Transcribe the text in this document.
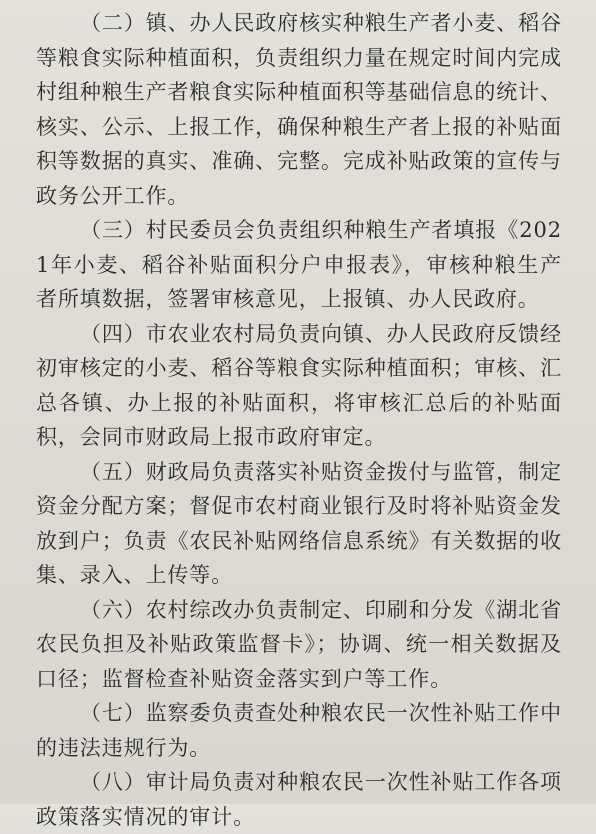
（二）镇、办人民政府核实种粮生产者小麦、稻谷等粮食实际种植面积，负责组织力量在规定时间内完成村组种粮生产者粮食实际种植面积等基础信息的统计、核实、公示、上报工作，确保种粮生产者上报的补贴面积等数据的真实、准确、完整。完成补贴政策的宣传与政务公开工作。

（三）村民委员会负责组织种粮生产者填报《2021年小麦、稻谷补贴面积分户申报表》，审核种粮生产者所填数据，签署审核意见，上报镇、办人民政府。

（四）市农业农村局负责向镇、办人民政府反馈经初审核定的小麦、稻谷等粮食实际种植面积；审核、汇总各镇、办上报的补贴面积，将审核汇总后的补贴面积，会同市财政局上报市政府审定。

（五）财政局负责落实补贴资金拨付与监管，制定资金分配方案；督促市农村商业银行及时将补贴资金发放到户；负责《农民补贴网络信息系统》有关数据的收集、录入、上传等。

（六）农村综改办负责制定、印刷和分发《湖北省农民负担及补贴政策监督卡》；协调、统一相关数据及口径；监督检查补贴资金落实到户等工作。

（七）监察委负责查处种粮农民一次性补贴工作中的违法违规行为。

（八）审计局负责对种粮农民一次性补贴工作各项政策落实情况的审计。
